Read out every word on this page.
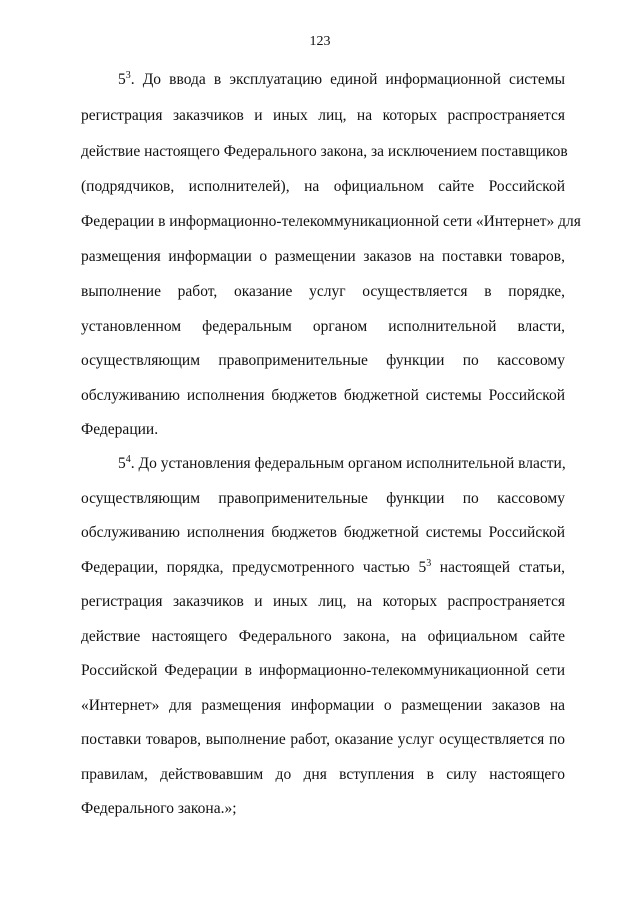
123
$5^3$. До ввода в эксплуатацию единой информационной системы
регистрация заказчиков и иных лиц, на которых распространяется
действие настоящего Федерального закона, за исключением поставщиков
(подрядчиков, исполнителей), на официальном сайте Российской
Федерации в информационно-телекоммуникационной сети «Интернет» для
размещения информации о размещении заказов на поставки товаров,
выполнение работ, оказание услуг осуществляется в порядке,
установленном федеральным органом исполнительной власти,
осуществляющим правоприменительные функции по кассовому
обслуживанию исполнения бюджетов бюджетной системы Российской
Федерации.
$5^4$. До установления федеральным органом исполнительной власти,
осуществляющим правоприменительные функции по кассовому
обслуживанию исполнения бюджетов бюджетной системы Российской
Федерации, порядка, предусмотренного частью $5^3$ настоящей статьи,
регистрация заказчиков и иных лиц, на которых распространяется
действие настоящего Федерального закона, на официальном сайте
Российской Федерации в информационно-телекоммуникационной сети
«Интернет» для размещения информации о размещении заказов на
поставки товаров, выполнение работ, оказание услуг осуществляется по
правилам, действовавшим до дня вступления в силу настоящего
Федерального закона.»;
